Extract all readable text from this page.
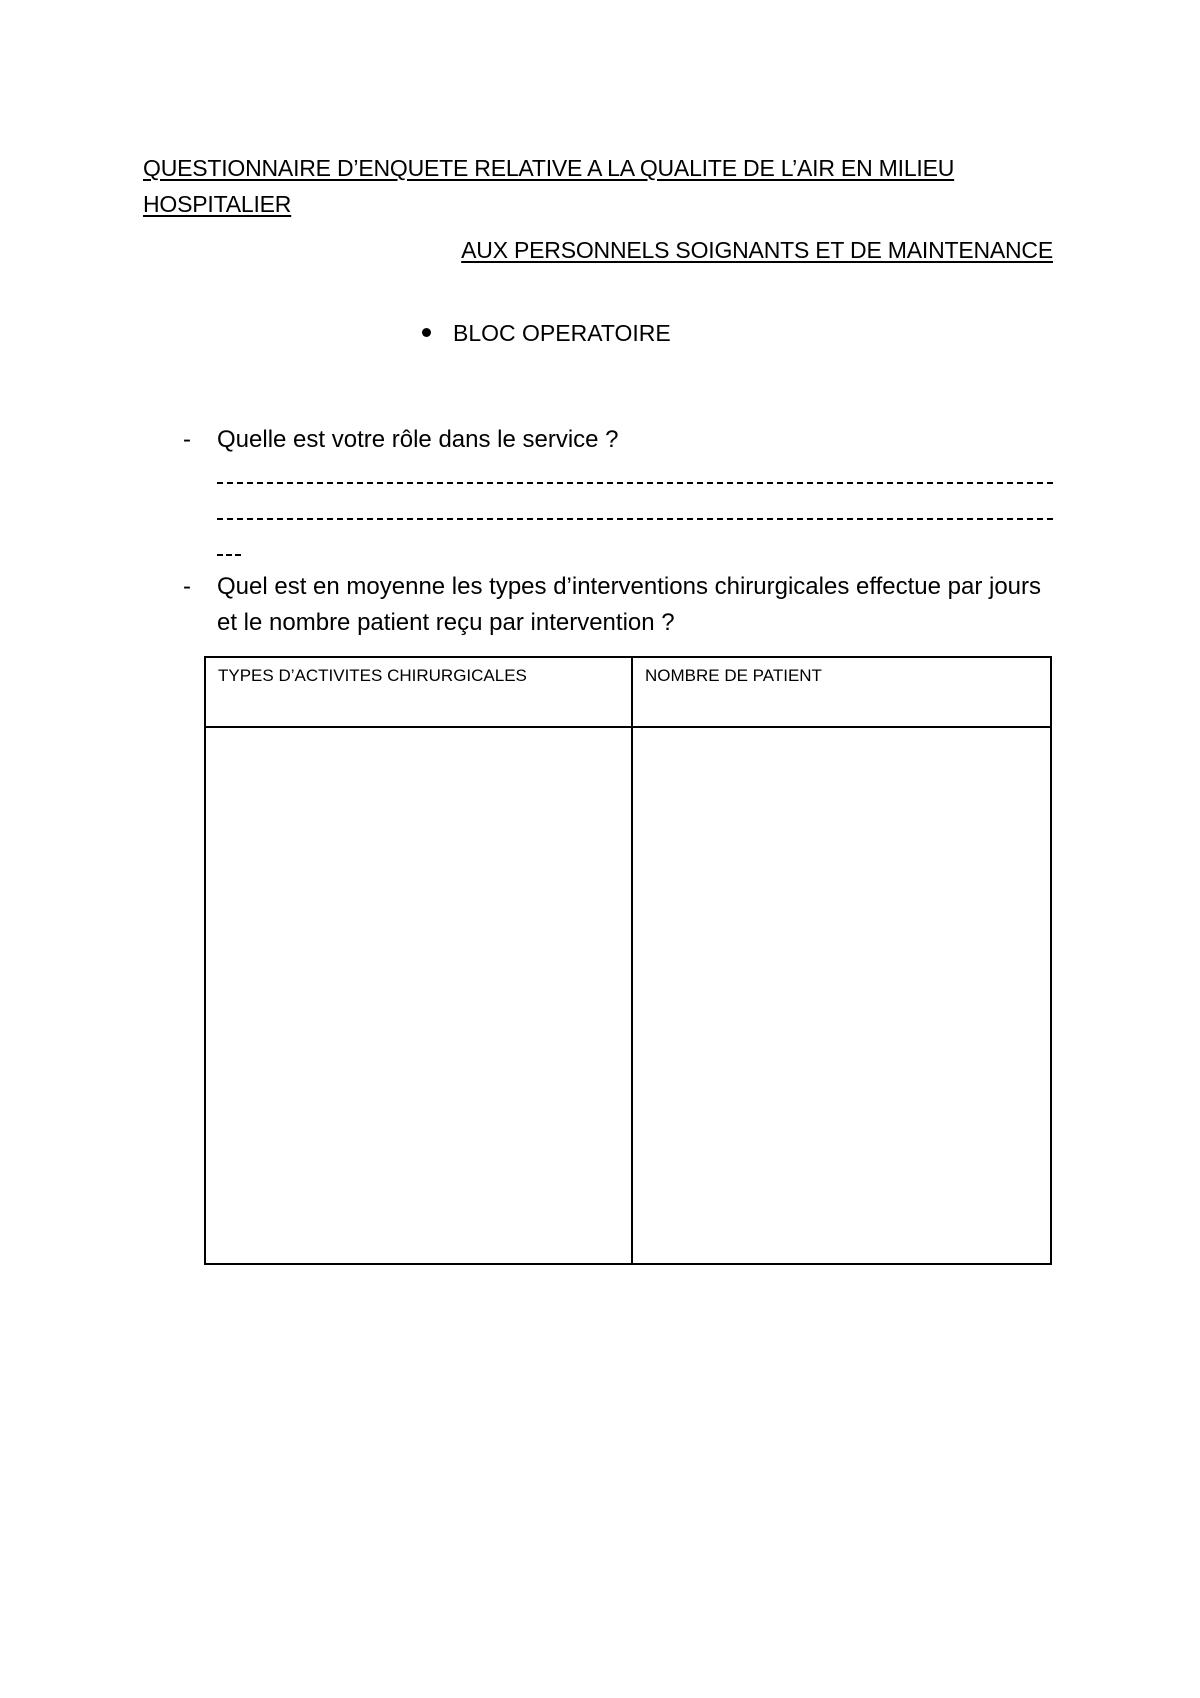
QUESTIONNAIRE D’ENQUETE RELATIVE A LA QUALITE DE L’AIR EN MILIEU HOSPITALIER
AUX PERSONNELS SOIGNANTS ET DE MAINTENANCE
BLOC OPERATOIRE
- Quelle est votre rôle dans le service ?
- Quel est en moyenne les types d’interventions chirurgicales effectue par jours et le nombre patient reçu par intervention ?
TYPES D’ACTIVITES CHIRURGICALES	NOMBRE DE PATIENT
